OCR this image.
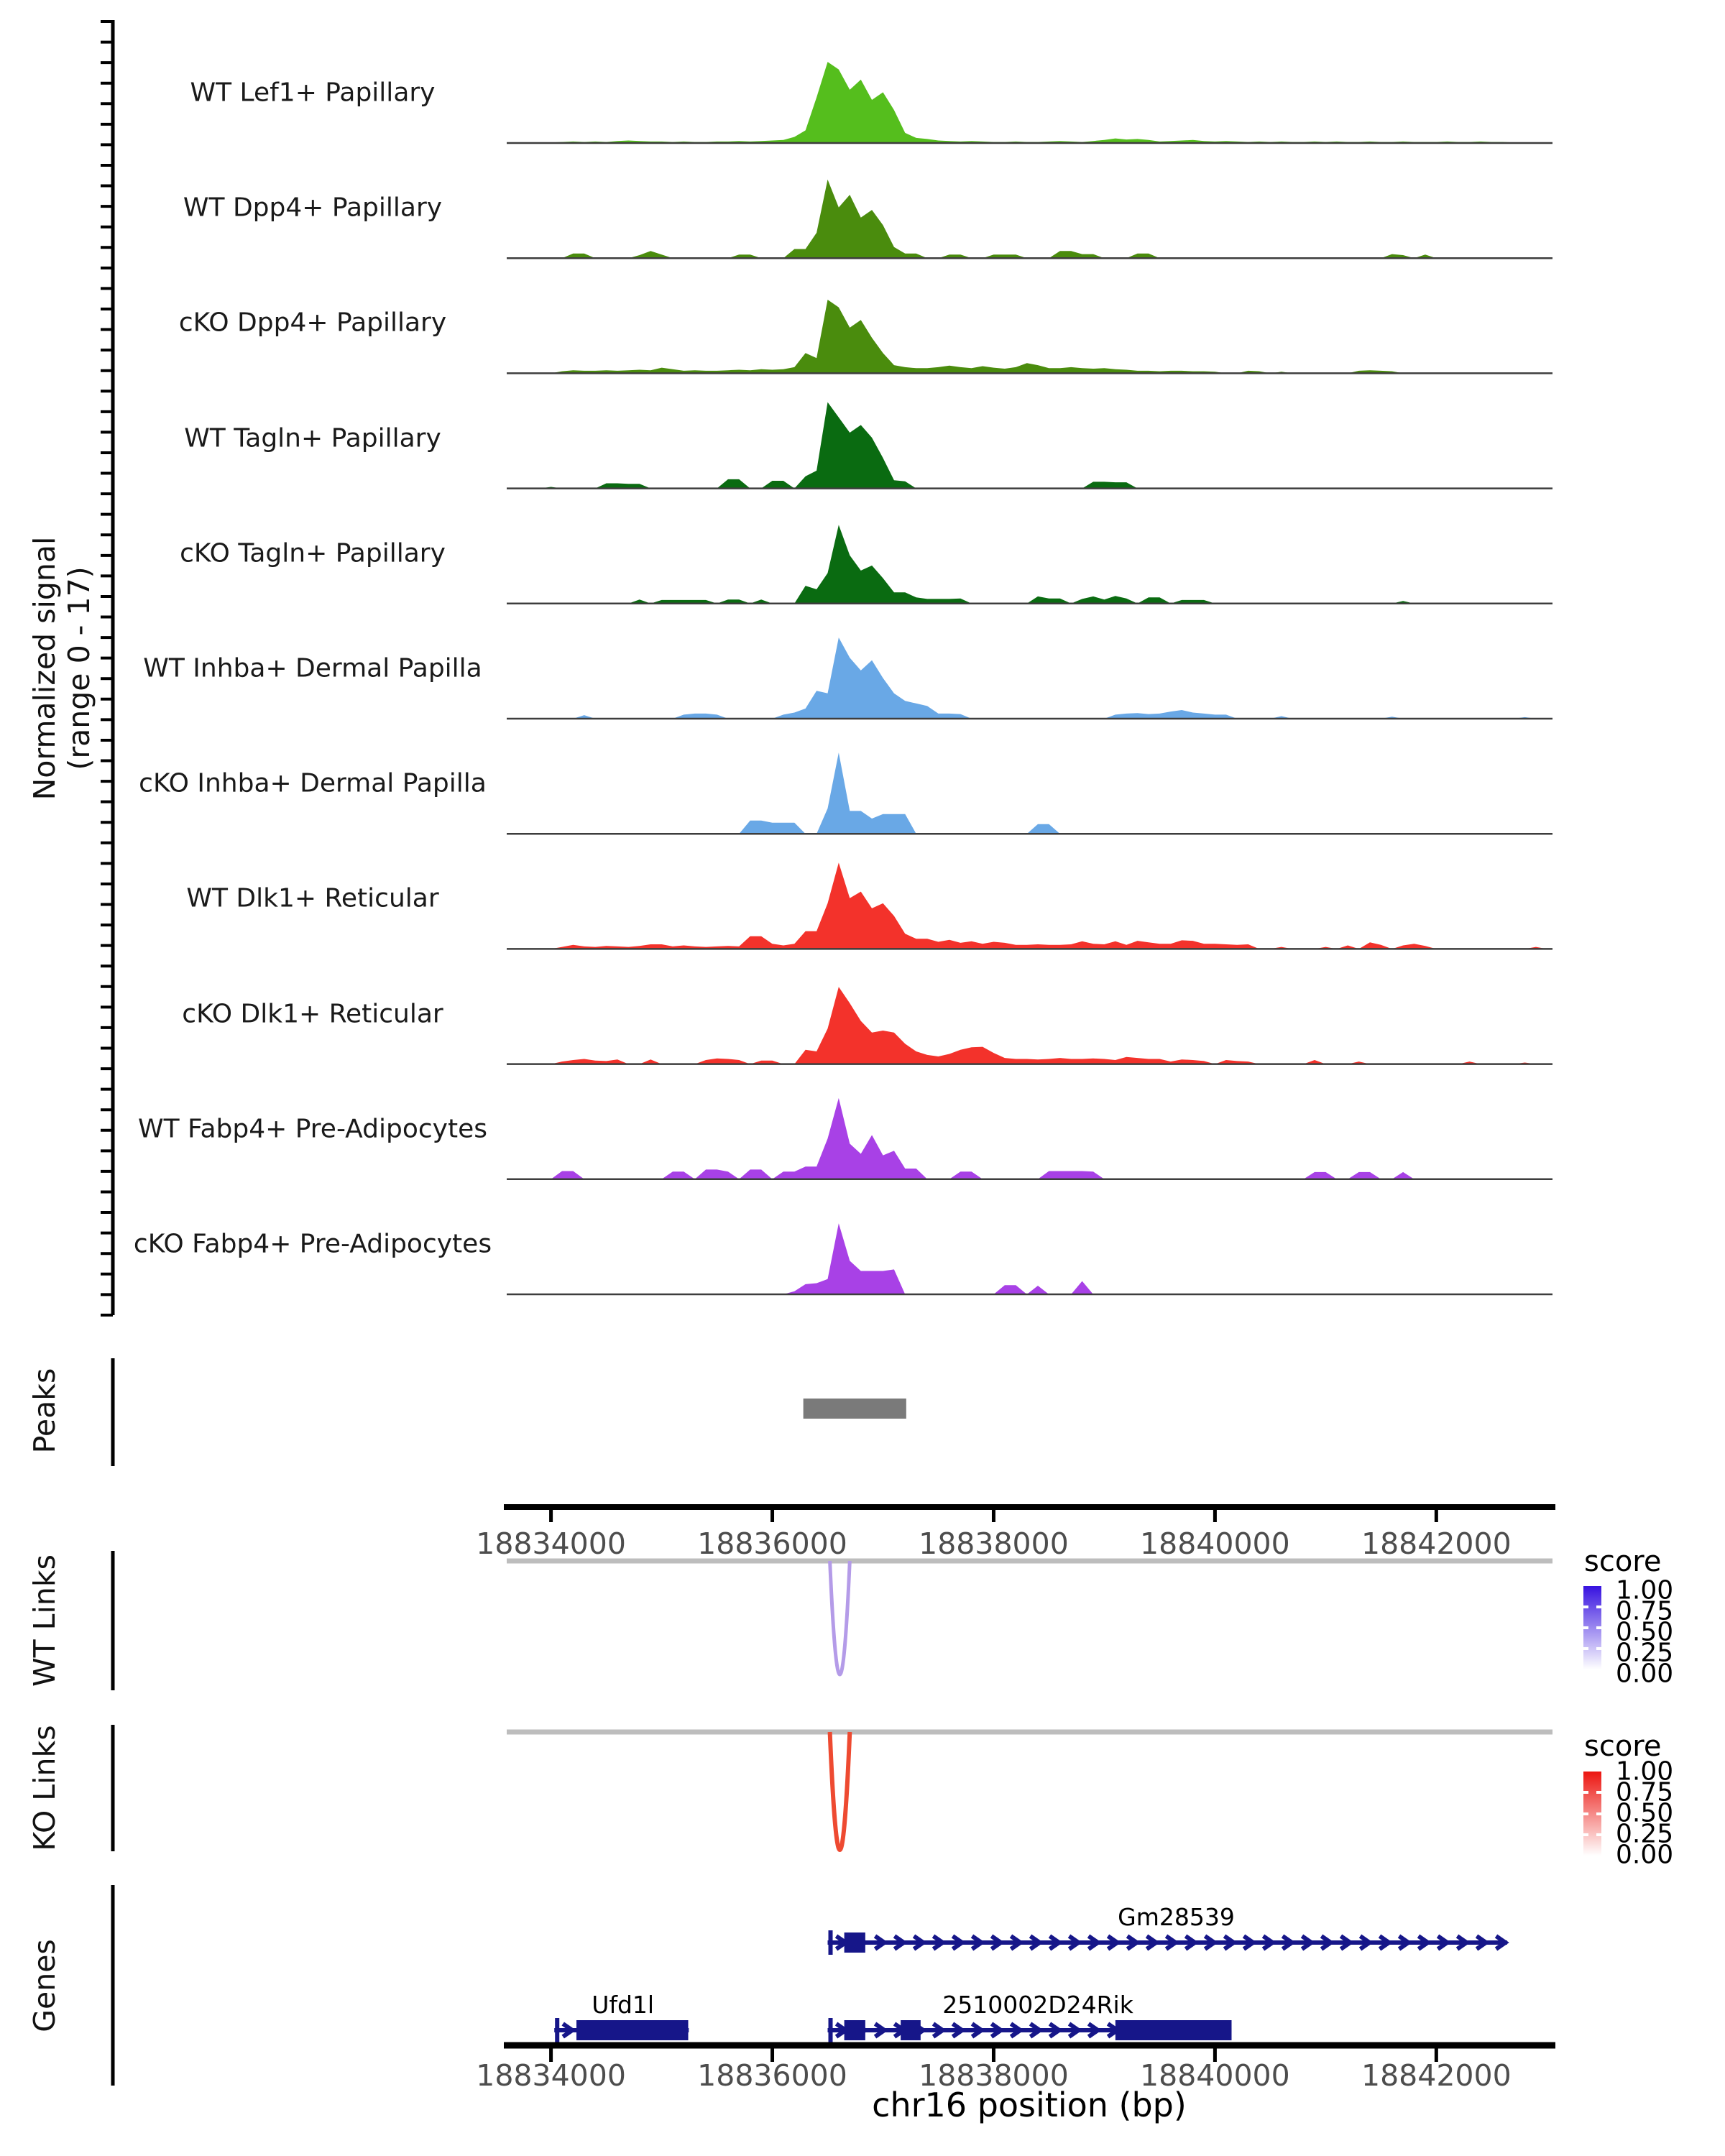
WT Lef1+ Papillary
WT Dpp4+ Papillary
cKO Dpp4+ Papillary
WT Tagln+ Papillary
cKO Tagln+ Papillary
WT Inhba+ Dermal Papilla
cKO Inhba+ Dermal Papilla
WT Dlk1+ Reticular
cKO Dlk1+ Reticular
WT Fabp4+ Pre-Adipocytes
cKO Fabp4+ Pre-Adipocytes
Normalized signal (range 0 - 17)
Peaks
WT Links
KO Links
Genes
18834000 18836000 18838000 18840000 18842000
18834000 18836000 18838000 18840000 18842000
chr16 position (bp)
score
1.00
0.75
0.50
0.25
0.00
score
1.00
0.75
0.50
0.25
0.00
Gm28539
Ufd1l	2510002D24Rik
